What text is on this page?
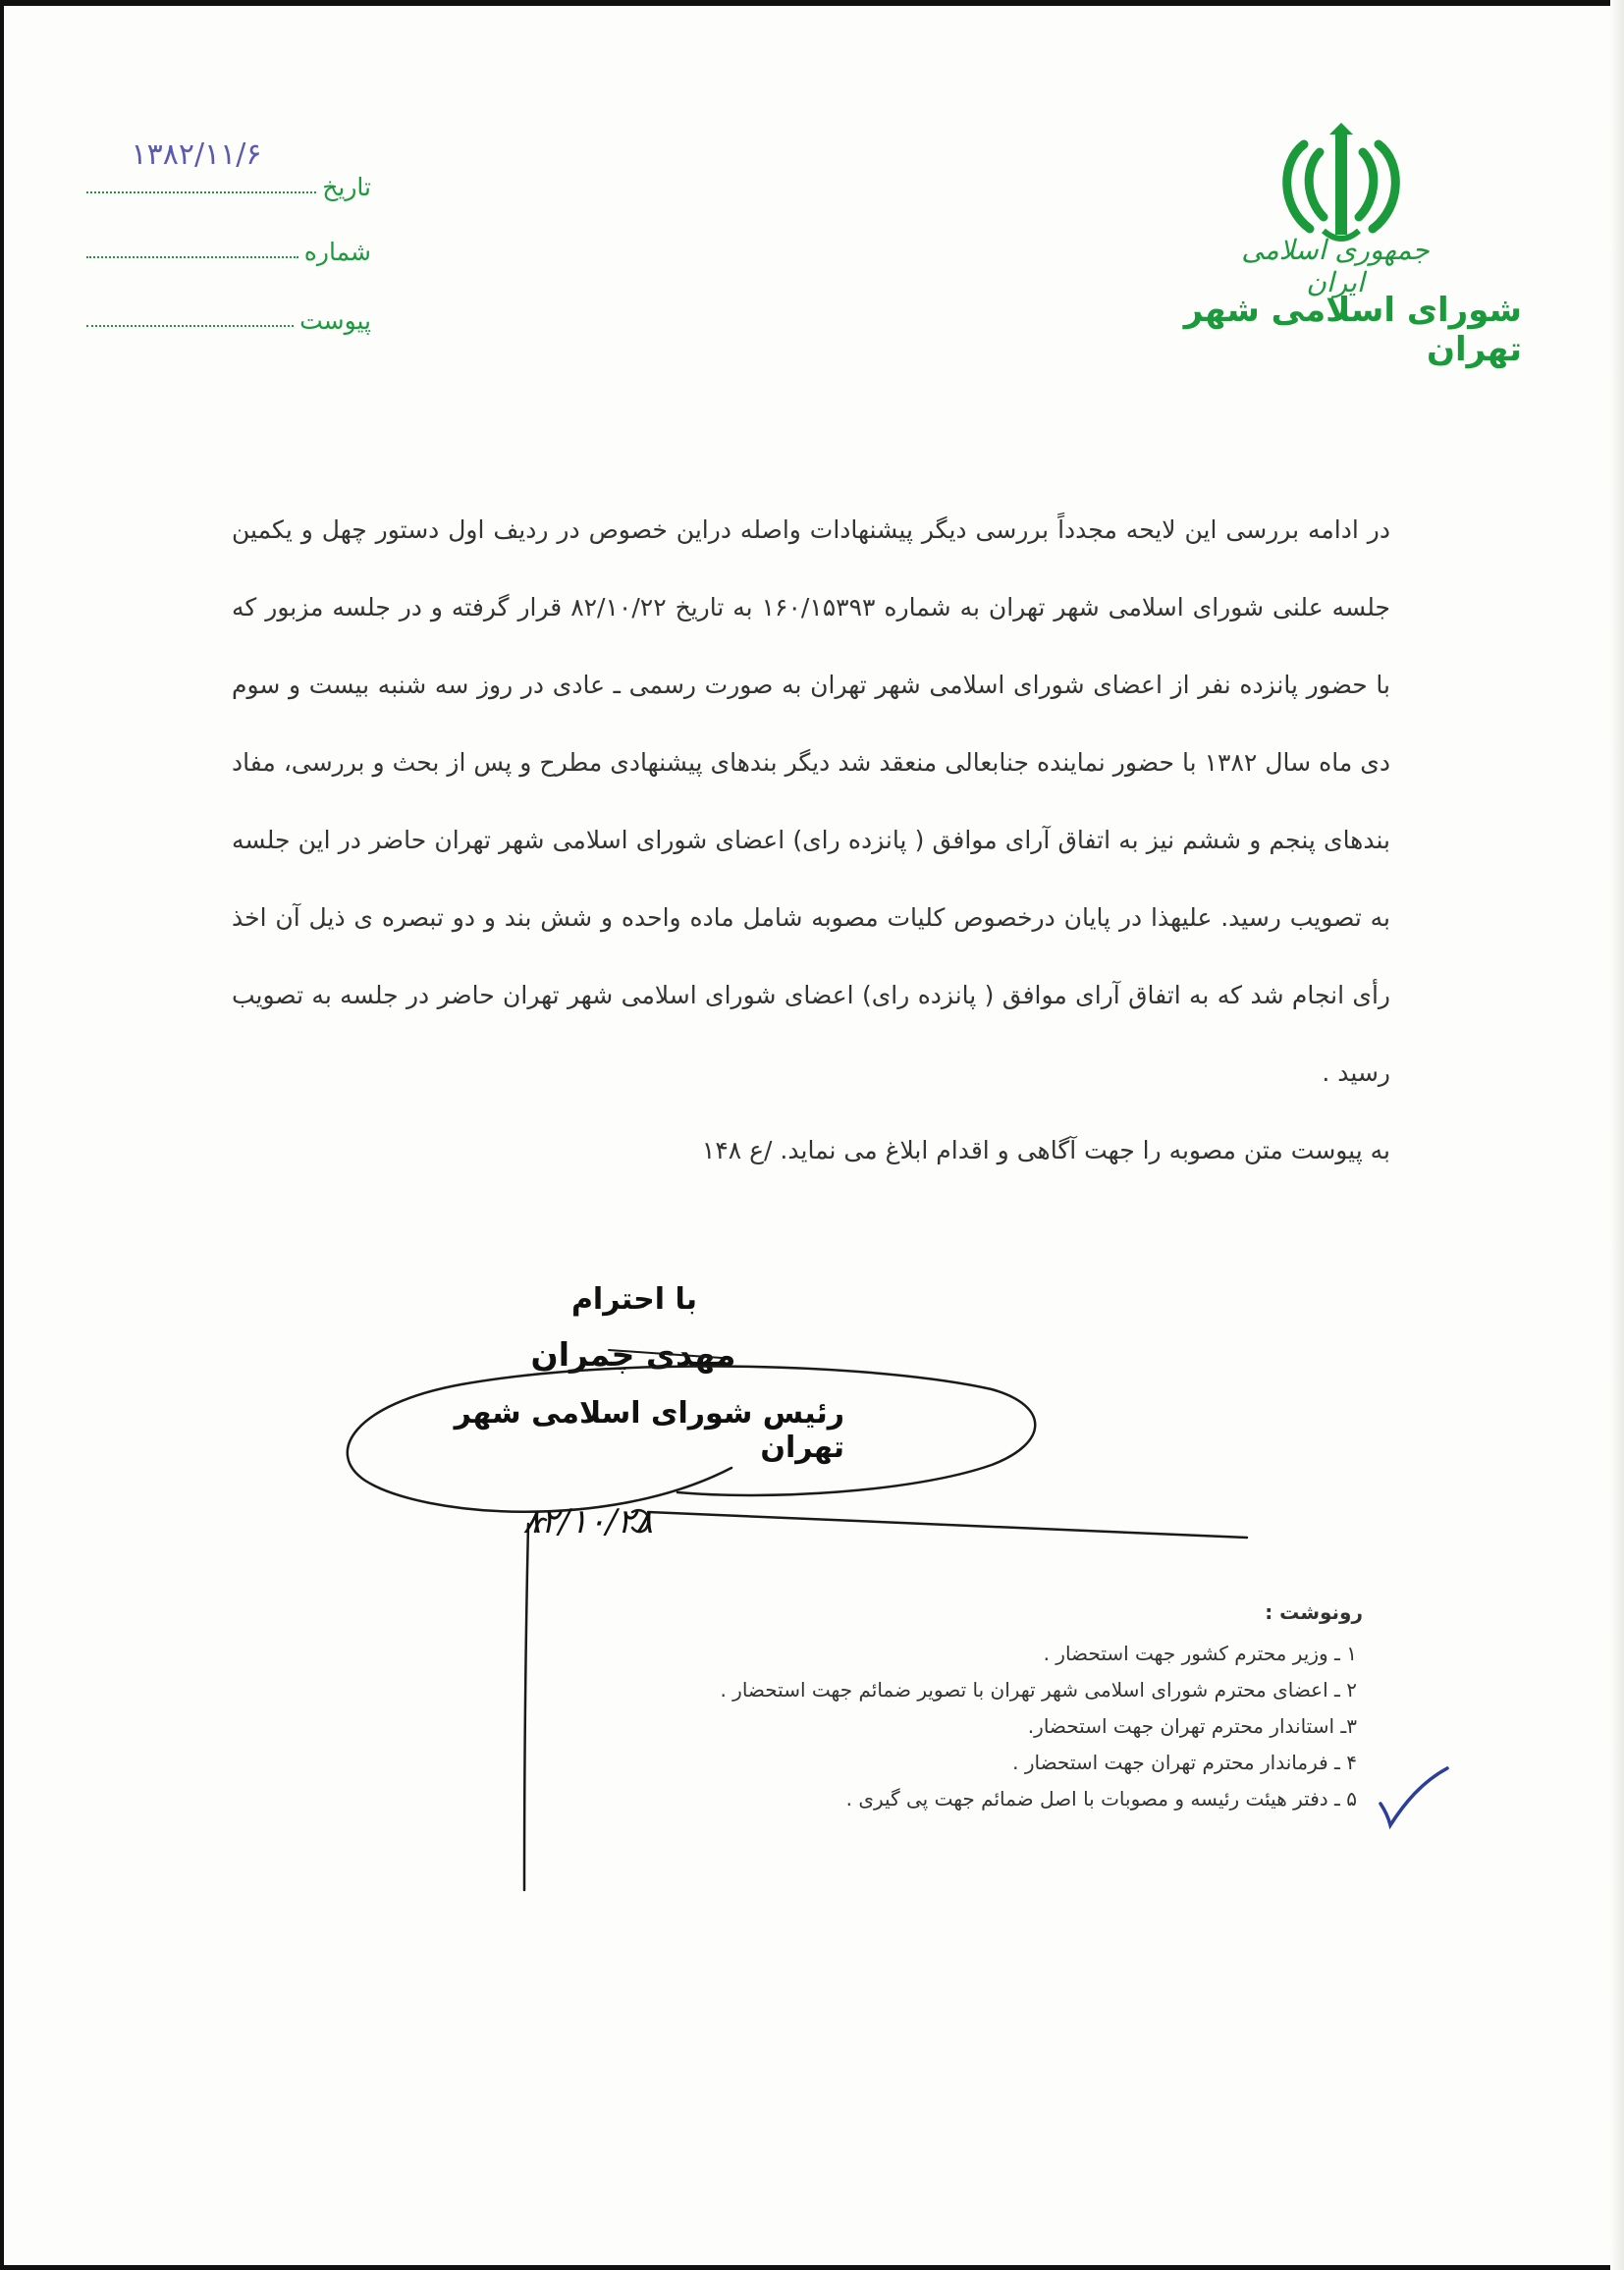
جمهوری اسلامی ایران
شورای اسلامی شهر تهران
۱۳۸۲/۱۱/۶
تاریخ
شماره
پیوست

در ادامه بررسی این لایحه مجدداً بررسی دیگر پیشنهادات واصله دراین خصوص در ردیف اول دستور چهل و یکمین جلسه علنی شورای اسلامی شهر تهران به شماره ۱۶۰/۱۵۳۹۳ به تاریخ ۸۲/۱۰/۲۲ قرار گرفته و در جلسه مزبور که با حضور پانزده نفر از اعضای شورای اسلامی شهر تهران به صورت رسمی ـ عادی در روز سه شنبه بیست و سوم دی ماه سال ۱۳۸۲ با حضور نماینده جنابعالی منعقد شد دیگر بندهای پیشنهادی مطرح و پس از بحث و بررسی، مفاد بندهای پنجم و ششم نیز به اتفاق آرای موافق ( پانزده رای) اعضای شورای اسلامی شهر تهران حاضر در این جلسه به تصویب رسید. علیهذا در پایان درخصوص کلیات مصوبه شامل ماده واحده و شش بند و دو تبصره ی ذیل آن اخذ رأی انجام شد که به اتفاق آرای موافق ( پانزده رای) اعضای شورای اسلامی شهر تهران حاضر در جلسه به تصویب رسید .

به پیوست متن مصوبه را جهت آگاهی و اقدام ابلاغ می نماید. /ع ۱۴۸

با احترام
مهدی چمران
رئیس شورای اسلامی شهر تهران
۸۲/۱۰/۲۸
رونوشت :
۱ ـ وزیر محترم کشور جهت استحضار .
۲ ـ اعضای محترم شورای اسلامی شهر تهران با تصویر ضمائم جهت استحضار .
۳ـ استاندار محترم تهران جهت استحضار.
۴ ـ فرماندار محترم تهران جهت استحضار .
۵ ـ دفتر هیئت رئیسه و مصوبات با اصل ضمائم جهت پی گیری .
